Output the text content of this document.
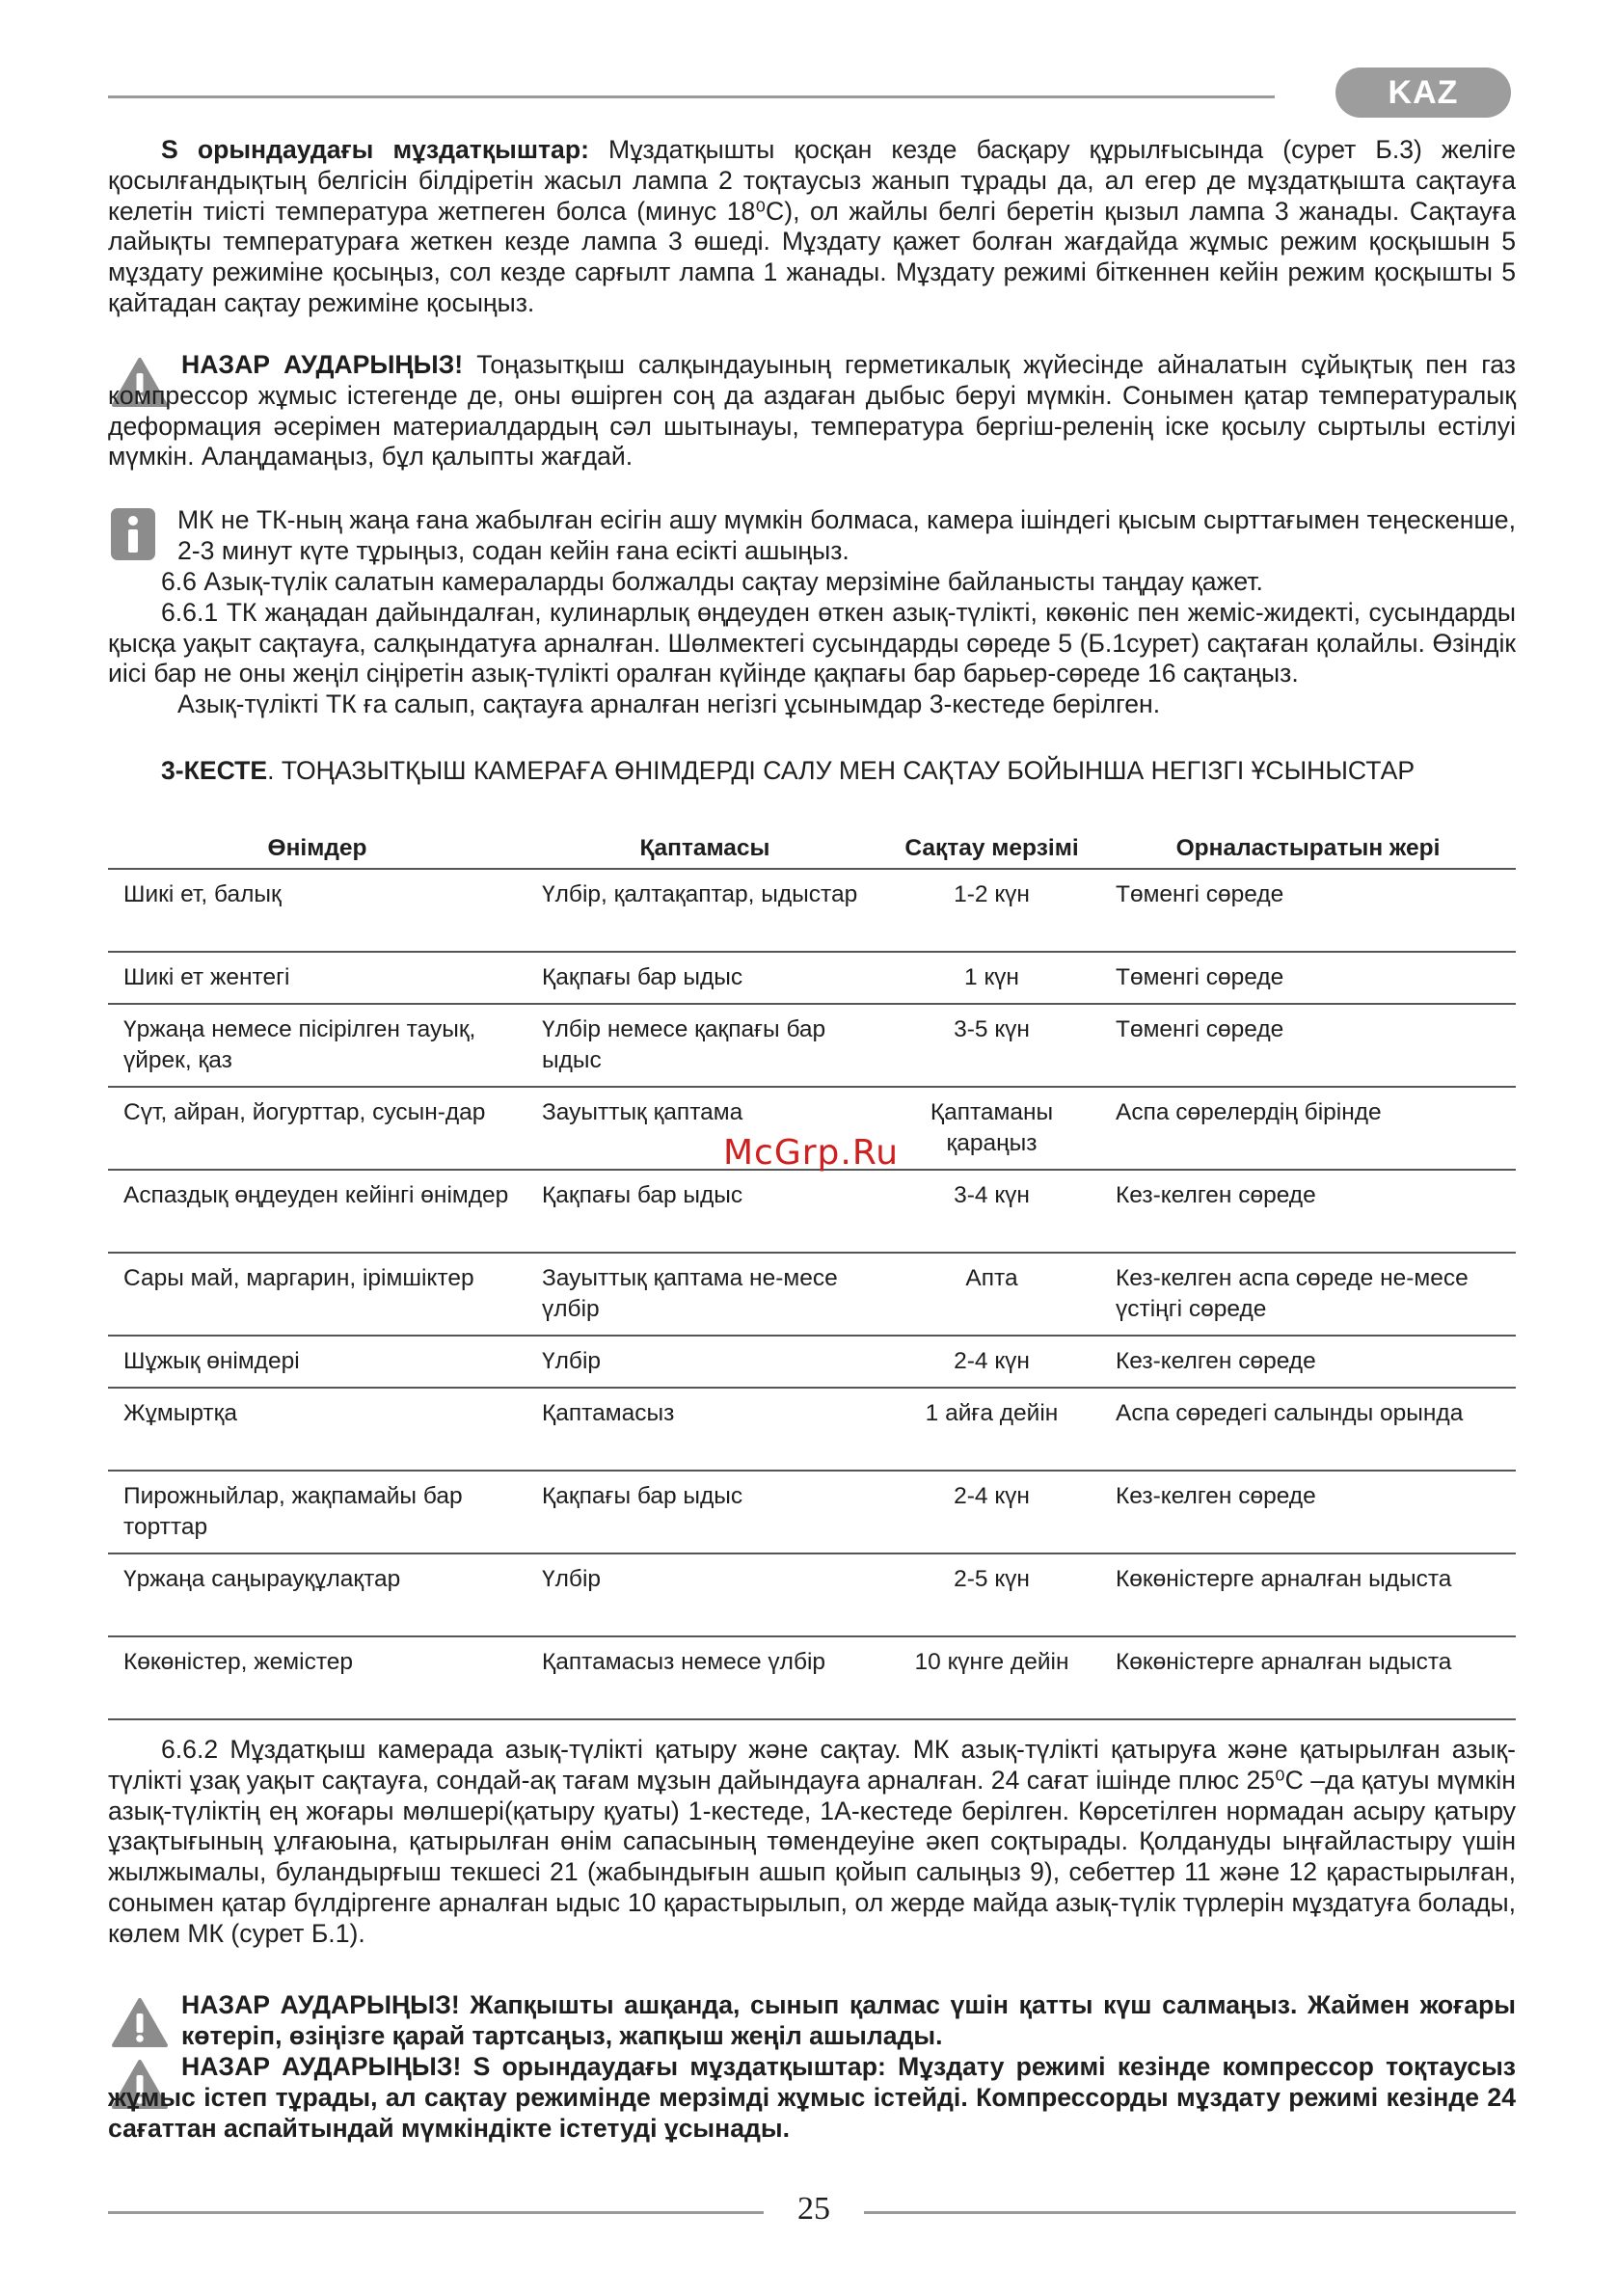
KAZ

S орындаудағы мұздатқыштар: Мұздатқышты қосқан кезде басқару құрылғысында (сурет Б.3) желіге қосылғандықтың белгісін білдіретін жасыл лампа 2 тоқтаусыз жанып тұрады да, ал егер де мұздатқышта сақтауға келетін тиісті температура жетпеген болса (минус 18⁰С), ол жайлы белгі беретін қызыл лампа 3 жанады. Сақтауға лайықты температураға жеткен кезде лампа 3 өшеді. Мұздату қажет болған жағдайда жұмыс режим қосқышын 5 мұздату режиміне қосыңыз, сол кезде сарғылт лампа 1 жанады. Мұздату режимі біткеннен кейін режим қосқышты 5 қайтадан сақтау режиміне қосыңыз.

НАЗАР АУДАРЫҢЫЗ! Тоңазытқыш салқындауының герметикалық жүйесінде айналатын сұйықтық пен газ компрессор жұмыс істегенде де, оны өшірген соң да аздаған дыбыс беруі мүмкін. Сонымен қатар температуралық деформация әсерімен материалдардың сәл шытынауы, температура бергіш-реленің іске қосылу сыртылы естілуі мүмкін. Алаңдамаңыз, бұл қалыпты жағдай.

МК не ТК-ның жаңа ғана жабылған есігін ашу мүмкін болмаса, камера ішіндегі қысым сырттағымен теңескенше, 2-3 минут күте тұрыңыз, содан кейін ғана есікті ашыңыз.

6.6 Азық-түлік салатын камераларды болжалды сақтау мерзіміне байланысты таңдау қажет.

6.6.1 ТК жаңадан дайындалған, кулинарлық өңдеуден өткен азық-түлікті, көкөніс пен жеміс-жидекті, сусындарды қысқа уақыт сақтауға, салқындатуға арналған. Шөлмектегі сусындарды сөреде 5 (Б.1сурет) сақтаған қолайлы. Өзіндік иісі бар не оны жеңіл сіңіретін азық-түлікті оралған күйінде қақпағы бар барьер-сөреде 16 сақтаңыз.

Азық-түлікті ТК ға салып, сақтауға арналған негізгі ұсынымдар 3-кестеде берілген.

3-КЕСТЕ. ТОҢАЗЫТҚЫШ КАМЕРАҒА ӨНІМДЕРДІ САЛУ МЕН САҚТАУ БОЙЫНША НЕГІЗГІ ҰСЫНЫСТАР
Өнімдер	Қаптамасы	Сақтау мерзімі	Орналастыратын жері
Шикі ет, балық	Үлбір, қалтақаптар, ыдыстар	1-2 күн	Төменгі сөреде
Шикі ет жентегі	Қақпағы бар ыдыс	1 күн	Төменгі сөреде
Үржаңа немесе пісірілген тауық, үйрек, қаз	Үлбір немесе қақпағы бар ыдыс	3-5 күн	Төменгі сөреде
Сүт, айран, йогурттар, сусын-дар	Зауыттық қаптама	Қаптаманы қараңыз	Аспа сөрелердің бірінде
Аспаздық өңдеуден кейінгі өнімдер	Қақпағы бар ыдыс	3-4 күн	Кез-келген сөреде
Сары май, маргарин, ірімшіктер	Зауыттық қаптама не-месе үлбір	Апта	Кез-келген аспа сөреде не-месе үстіңгі сөреде
Шұжық өнімдері	Үлбір	2-4 күн	Кез-келген сөреде
Жұмыртқа	Қаптамасыз	1 айға дейін	Аспа сөредегі салынды орында
Пирожныйлар, жақпамайы бар торттар	Қақпағы бар ыдыс	2-4 күн	Кез-келген сөреде
Үржаңа саңырауқұлақтар	Үлбір	2-5 күн	Көкөністерге арналған ыдыста
Көкөністер, жемістер	Қаптамасыз немесе үлбір	10 күнге дейін	Көкөністерге арналған ыдыста

6.6.2 Мұздатқыш камерада азық-түлікті қатыру және сақтау. МК азық-түлікті қатыруға және қатырылған азық-түлікті ұзақ уақыт сақтауға, сондай-ақ тағам мұзын дайындауға арналған. 24 сағат ішінде плюс 25⁰С –да қатуы мүмкін азық-түліктің ең жоғары мөлшері(қатыру қуаты) 1-кестеде, 1А-кестеде берілген. Көрсетілген нормадан асыру қатыру ұзақтығының ұлғаюына, қатырылған өнім сапасының төмендеуіне әкеп соқтырады. Қолдануды ыңғайластыру үшін жылжымалы, буландырғыш текшесі 21 (жабындығын ашып қойып салыңыз 9), себеттер 11 және 12 қарастырылған, сонымен қатар бүлдіргенге арналған ыдыс 10 қарастырылып, ол жерде майда азық-түлік түрлерін мұздатуға болады, көлем МК (сурет Б.1).

НАЗАР АУДАРЫҢЫЗ! Жапқышты ашқанда, сынып қалмас үшін қатты күш салмаңыз. Жаймен жоғары көтеріп, өзіңізге қарай тартсаңыз, жапқыш жеңіл ашылады.

НАЗАР АУДАРЫҢЫЗ! S орындаудағы мұздатқыштар: Мұздату режимі кезінде компрессор тоқтаусыз жұмыс істеп тұрады, ал сақтау режимінде мерзімді жұмыс істейді. Компрессорды мұздату режимі кезінде 24 сағаттан аспайтындай мүмкіндікте істетуді ұсынады.

McGrp.Ru
25
